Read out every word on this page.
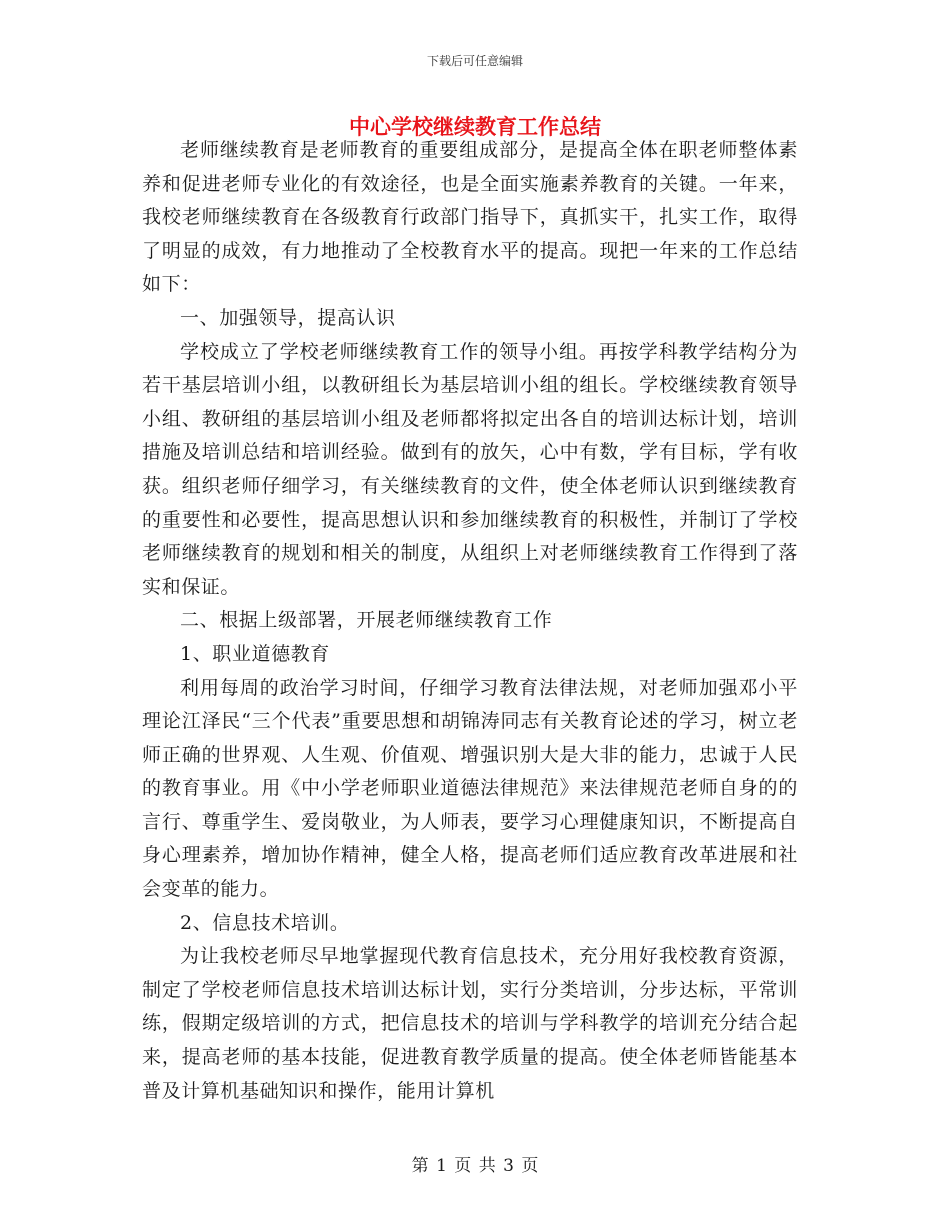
下载后可任意编辑
中心学校继续教育工作总结

老师继续教育是老师教育的重要组成部分，是提高全体在职老师整体素养和促进老师专业化的有效途径，也是全面实施素养教育的关键。一年来，我校老师继续教育在各级教育行政部门指导下，真抓实干，扎实工作，取得了明显的成效，有力地推动了全校教育水平的提高。现把一年来的工作总结如下：

一、加强领导，提高认识

学校成立了学校老师继续教育工作的领导小组。再按学科教学结构分为若干基层培训小组，以教研组长为基层培训小组的组长。学校继续教育领导小组、教研组的基层培训小组及老师都将拟定出各自的培训达标计划，培训措施及培训总结和培训经验。做到有的放矢，心中有数，学有目标，学有收获。组织老师仔细学习，有关继续教育的文件，使全体老师认识到继续教育的重要性和必要性，提高思想认识和参加继续教育的积极性，并制订了学校老师继续教育的规划和相关的制度，从组织上对老师继续教育工作得到了落实和保证。

二、根据上级部署，开展老师继续教育工作

1、职业道德教育

利用每周的政治学习时间，仔细学习教育法律法规，对老师加强邓小平理论江泽民“三个代表”重要思想和胡锦涛同志有关教育论述的学习，树立老师正确的世界观、人生观、价值观、增强识别大是大非的能力，忠诚于人民的教育事业。用《中小学老师职业道德法律规范》来法律规范老师自身的的言行、尊重学生、爱岗敬业，为人师表，要学习心理健康知识，不断提高自身心理素养，增加协作精神，健全人格，提高老师们适应教育改革进展和社会变革的能力。

2、信息技术培训。

为让我校老师尽早地掌握现代教育信息技术，充分用好我校教育资源，制定了学校老师信息技术培训达标计划，实行分类培训，分步达标，平常训练，假期定级培训的方式，把信息技术的培训与学科教学的培训充分结合起来，提高老师的基本技能，促进教育教学质量的提高。使全体老师皆能基本普及计算机基础知识和操作，能用计算机

第 1 页 共 3 页
